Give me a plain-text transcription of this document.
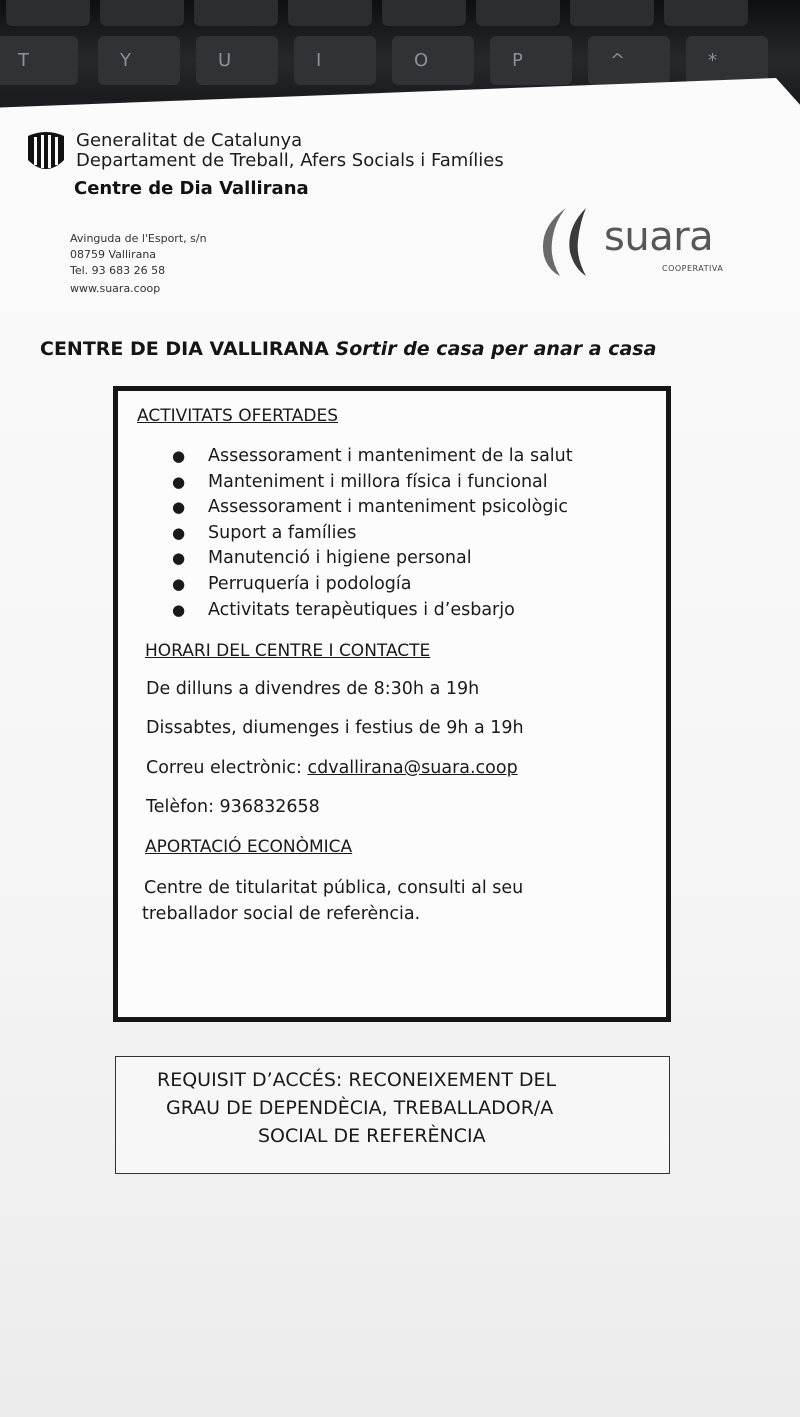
T	Y	U	I	O	P	^	*
Generalitat de Catalunya
Departament de Treball, Afers Socials i Famílies
Centre de Dia Vallirana
Avinguda de l'Esport, s/n
08759 Vallirana
Tel. 93 683 26 58
www.suara.coop
suara
COOPERATIVA
CENTRE DE DIA VALLIRANA Sortir de casa per anar a casa
ACTIVITATS OFERTADES
● Assessorament i manteniment de la salut
● Manteniment i millora física i funcional
● Assessorament i manteniment psicològic
● Suport a famílies
● Manutenció i higiene personal
● Perruquería i podología
● Activitats terapèutiques i d’esbarjo
HORARI DEL CENTRE I CONTACTE
De dilluns a divendres de 8:30h a 19h
Dissabtes, diumenges i festius de 9h a 19h
Correu electrònic: cdvallirana@suara.coop
Telèfon: 936832658
APORTACIÓ ECONÒMICA
Centre de titularitat pública, consulti al seu
treballador social de referència.
REQUISIT D’ACCÉS: RECONEIXEMENT DEL
GRAU DE DEPENDÈCIA, TREBALLADOR/A
SOCIAL DE REFERÈNCIA
